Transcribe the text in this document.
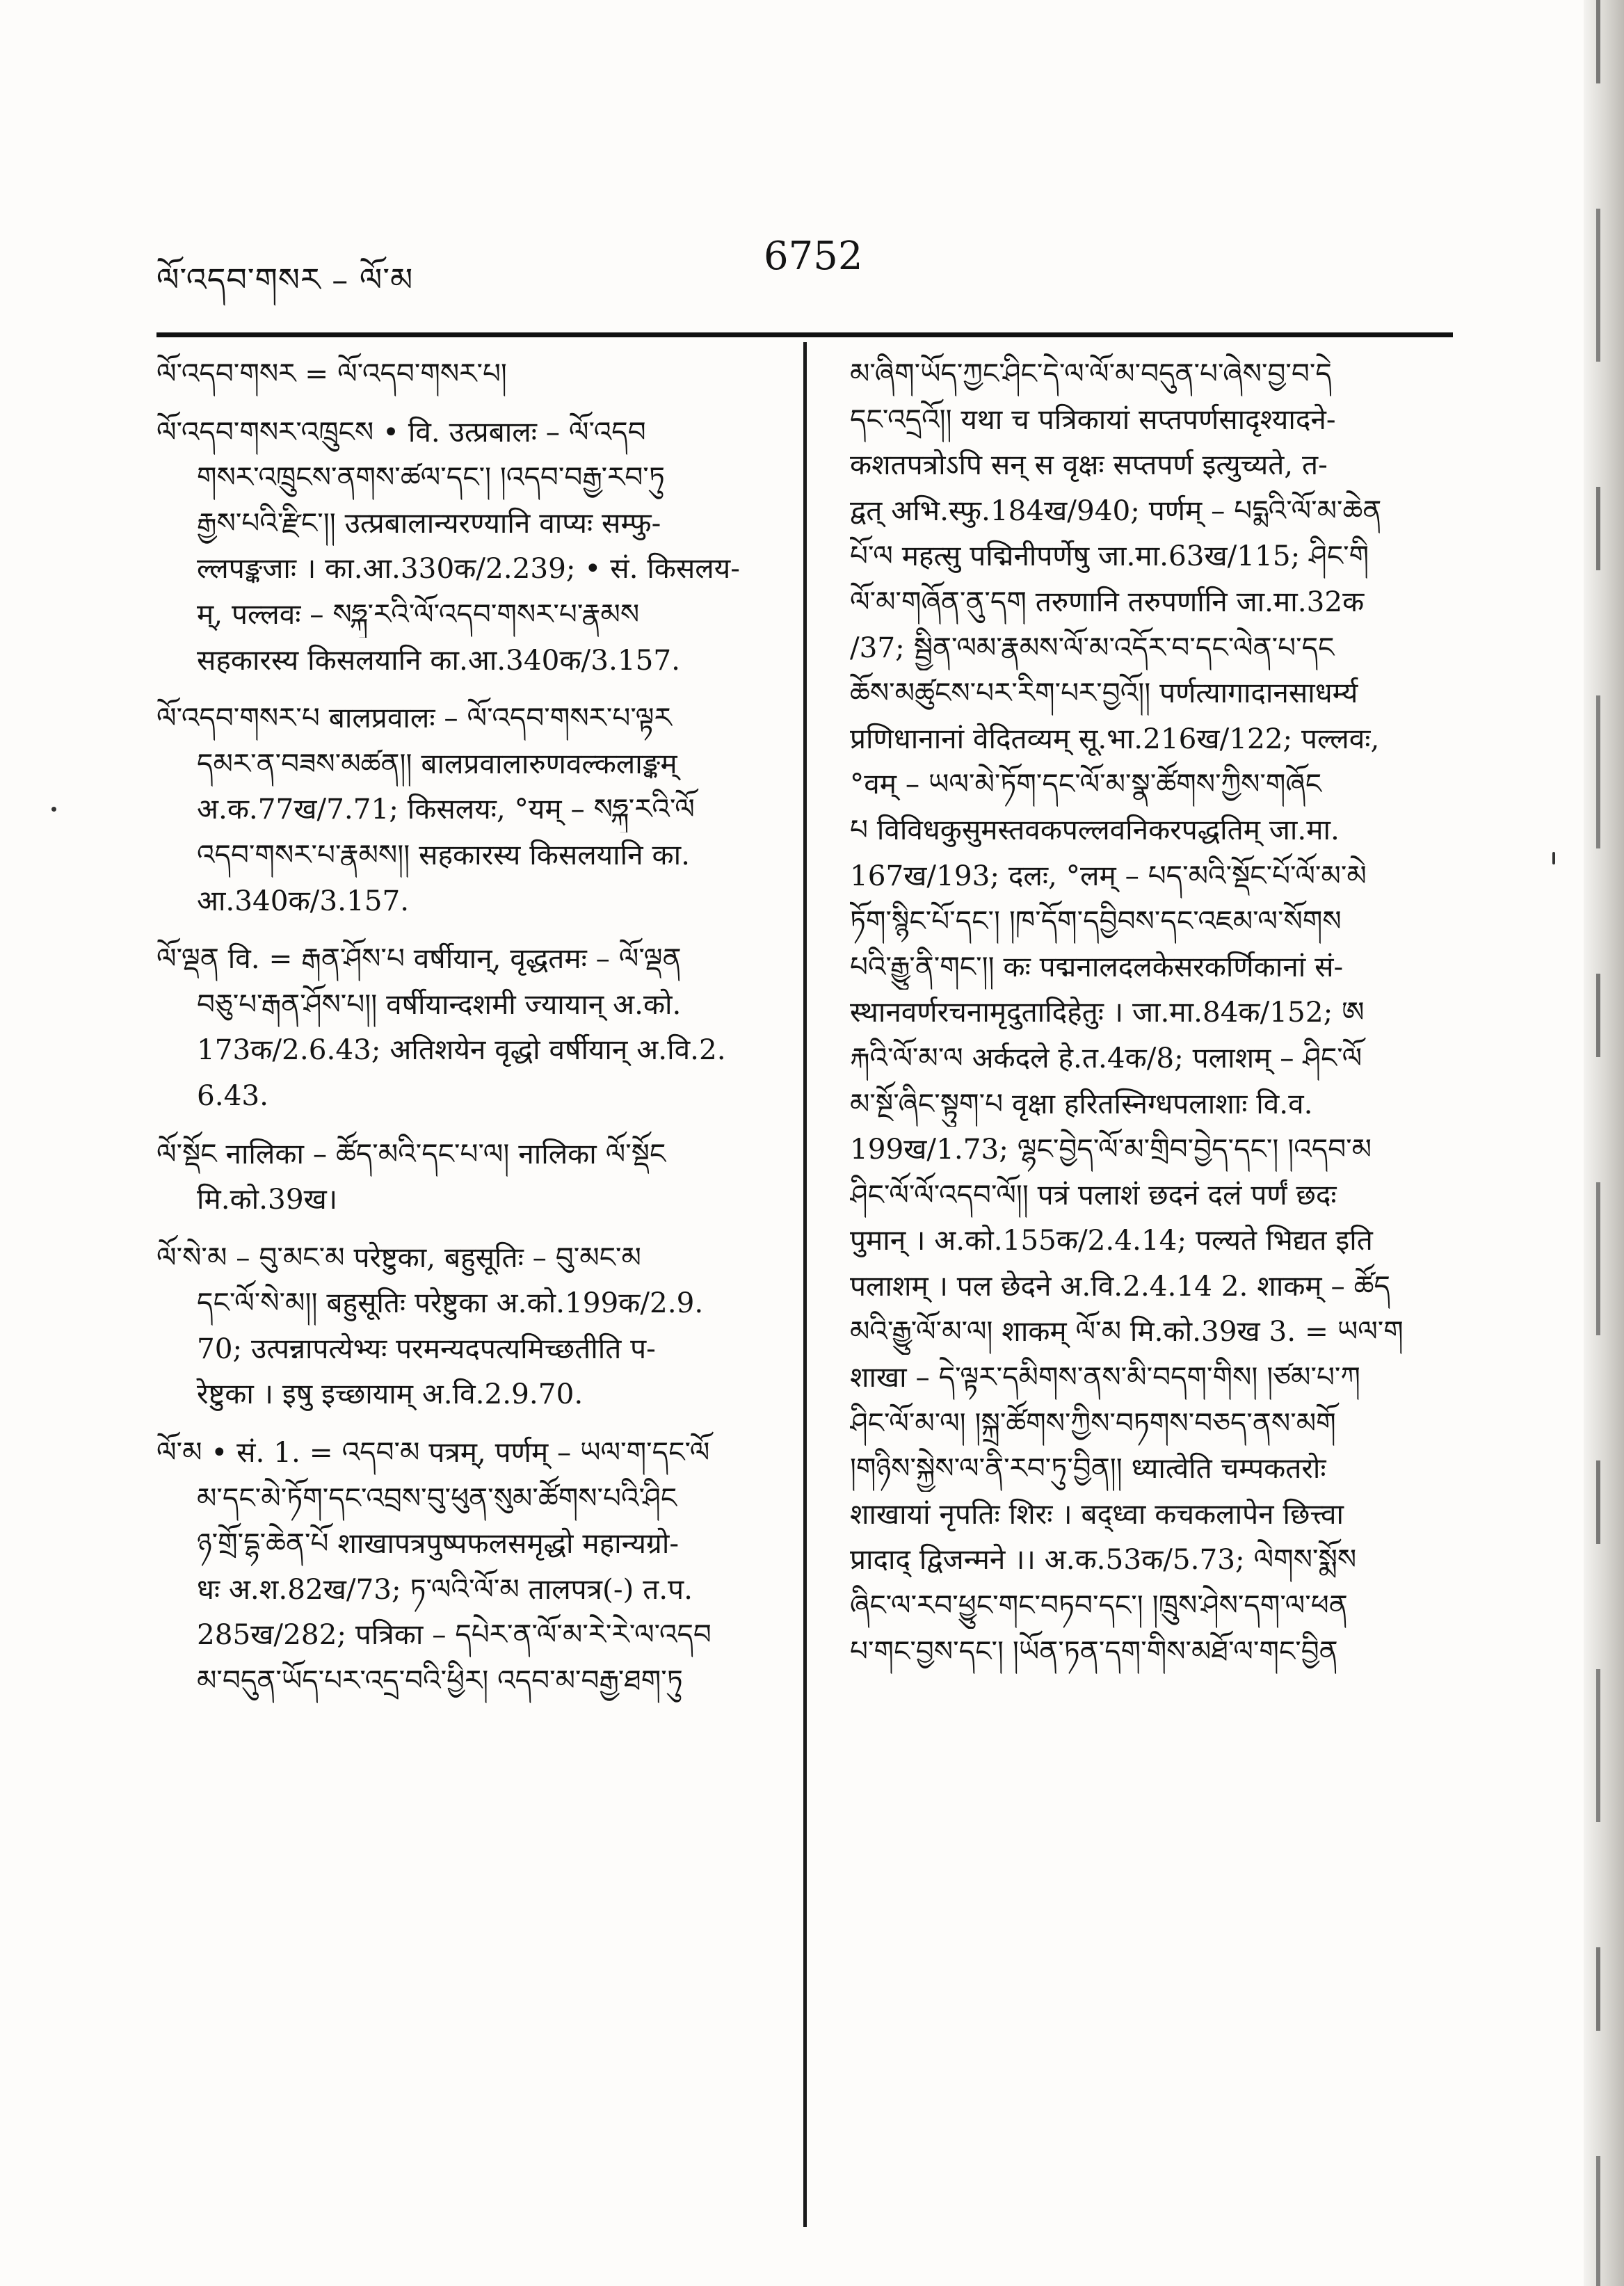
ལོ་འདབ་གསར – ལོ་མ
6752
ལོ་འདབ་གསར = ལོ་འདབ་གསར་པ།
ལོ་འདབ་གསར་འཁྲུངས • वि. उत्प्रबालः – ལོ་འདབ
གསར་འཁྲུངས་ནགས་ཚལ་དང་། །འདབ་བརྒྱ་རབ་ཏུ
རྒྱས་པའི་རྫིང་།། उत्प्रबालान्यरण्यानि वाप्यः सम्फु-
ल्लपङ्कजाः । का.आ.330क/2.239; • सं. किसलय-
म्, पल्लवः – སཧྐཱ་རའི་ལོ་འདབ་གསར་པ་རྣམས
सहकारस्य किसलयानि का.आ.340क/3.157.
ལོ་འདབ་གསར་པ बालप्रवालः – ལོ་འདབ་གསར་པ་ལྟར
དམར་ན་བཟས་མཚན།། बालप्रवालारुणवल्कलाङ्कम्
अ.क.77ख/7.71; किसलयः, °यम् – སཧྐཱ་རའི་ལོ
འདབ་གསར་པ་རྣམས།། सहकारस्य किसलयानि का.
आ.340क/3.157.
ལོ་ལྡན वि. = རྒན་ཤོས་པ वर्षीयान्, वृद्धतमः – ལོ་ལྡན
བཅུ་པ་རྒན་ཤོས་པ།། वर्षीयान्दशमी ज्यायान् अ.को.
173क/2.6.43; अतिशयेन वृद्धो वर्षीयान् अ.वि.2.
6.43.
ལོ་སྡོང नालिका – ཚོད་མའི་དང་པ་ལ། नालिका ལོ་སྡོང
मि.को.39ख।
ལོ་སེ་མ – བུ་མང་མ परेष्टुका, बहुसूतिः – བུ་མང་མ
དང་ལོ་སེ་མ།། बहुसूतिः परेष्टुका अ.को.199क/2.9.
70; उत्पन्नापत्येभ्यः परमन्यदपत्यमिच्छतीति प-
रेष्टुका । इषु इच्छायाम् अ.वि.2.9.70.
ལོ་མ • सं. 1. = འདབ་མ पत्रम्, पर्णम् – ཡལ་ག་དང་ལོ
མ་དང་མེ་ཏོག་དང་འབྲས་བུ་ཕུན་སུམ་ཚོགས་པའི་ཤིང
ཉ་གྲོ་དྷ་ཆེན་པོ शाखापत्रपुष्पफलसमृद्धो महान्यग्रो-
धः अ.श.82ख/73; ཏ་ལའི་ལོ་མ तालपत्र(-) त.प.
285ख/282; पत्रिका – དཔེར་ན་ལོ་མ་རེ་རེ་ལ་འདབ
མ་བདུན་ཡོད་པར་འདྲ་བའི་ཕྱིར། འདབ་མ་བརྒྱ་ཐག་ཏུ
མ་ཞིག་ཡོད་ཀྱང་ཤིང་དེ་ལ་ལོ་མ་བདུན་པ་ཞེས་བྱ་བ་དེ
དང་འདྲའོ།། यथा च पत्रिकायां सप्तपर्णसादृश्यादने-
कशतपत्रोऽपि सन् स वृक्षः सप्तपर्ण इत्युच्यते, त-
द्वत् अभि.स्फु.184ख/940; पर्णम् – པདྨའི་ལོ་མ་ཆེན
པོ་ལ महत्सु पद्मिनीपर्णेषु जा.मा.63ख/115; ཤིང་གི
ལོ་མ་གཞོན་ནུ་དག तरुणानि तरुपर्णानि जा.मा.32क
/37; སྦྱིན་ལམ་རྣམས་ལོ་མ་འདོར་བ་དང་ལེན་པ་དང
ཆོས་མཚུངས་པར་རིག་པར་བྱའོ།། पर्णत्यागादानसाधर्म्य
प्रणिधानानां वेदितव्यम् सू.भा.216ख/122; पल्लवः,
°वम् – ཡལ་མེ་ཏོག་དང་ལོ་མ་སྣ་ཚོགས་ཀྱིས་གཞོང
པ विविधकुसुमस्तवकपल्लवनिकरपद्धतिम् जा.मा.
167ख/193; दलः, °लम् – པད་མའི་སྡོང་པོ་ལོ་མ་མེ
ཏོག་སྙིང་པོ་དང་། །ཁ་དོག་དབྱིབས་དང་འཇམ་ལ་སོགས
པའི་རྒྱུ་ནི་གང་།། कः पद्मनालदलकेसरकर्णिकानां सं-
स्थानवर्णरचनामृदुतादिहेतुः । जा.मा.84क/152; ཨ
རྐའི་ལོ་མ་ལ अर्कदले हे.त.4क/8; पलाशम् – ཤིང་ལོ
མ་སྔོ་ཞིང་སྟུག་པ वृक्षा हरितस्निग्धपलाशाः वि.व.
199ख/1.73; ལྷང་བྱེད་ལོ་མ་གྲིབ་བྱེད་དང་། །འདབ་མ
ཤིང་ལོ་ལོ་འདབ་ལོ།། पत्रं पलाशं छदनं दलं पर्णं छदः
पुमान् । अ.को.155क/2.4.14; पल्यते भिद्यत इति
पलाशम् । पल छेदने अ.वि.2.4.14 2. शाकम् – ཚོད
མའི་རྒྱུ་ལོ་མ་ལ། शाकम् ལོ་མ मि.को.39ख 3. = ཡལ་ག
शाखा – དེ་ལྟར་དམིགས་ནས་མི་བདག་གིས། །ཙམ་པ་ཀ
ཤིང་ལོ་མ་ལ། །སྐྲ་ཚོགས་ཀྱིས་བཏགས་བཅད་ནས་མགོ
།གཉིས་སྐྱེས་ལ་ནི་རབ་ཏུ་བྱིན།། ध्यात्वेति चम्पकतरोः
शाखायां नृपतिः शिरः । बद्ध्वा कचकलापेन छित्त्वा
प्रादाद् द्विजन्मने ।। अ.क.53क/5.73; ལེགས་སྨོས
ཞིང་ལ་རབ་ཕྱུང་གང་བཏབ་དང་། །ཁྲུས་ཤེས་དག་ལ་ཕན
པ་གང་བྱས་དང་། །ཡོན་ཏན་དག་གིས་མཐོ་ལ་གང་བྱིན
